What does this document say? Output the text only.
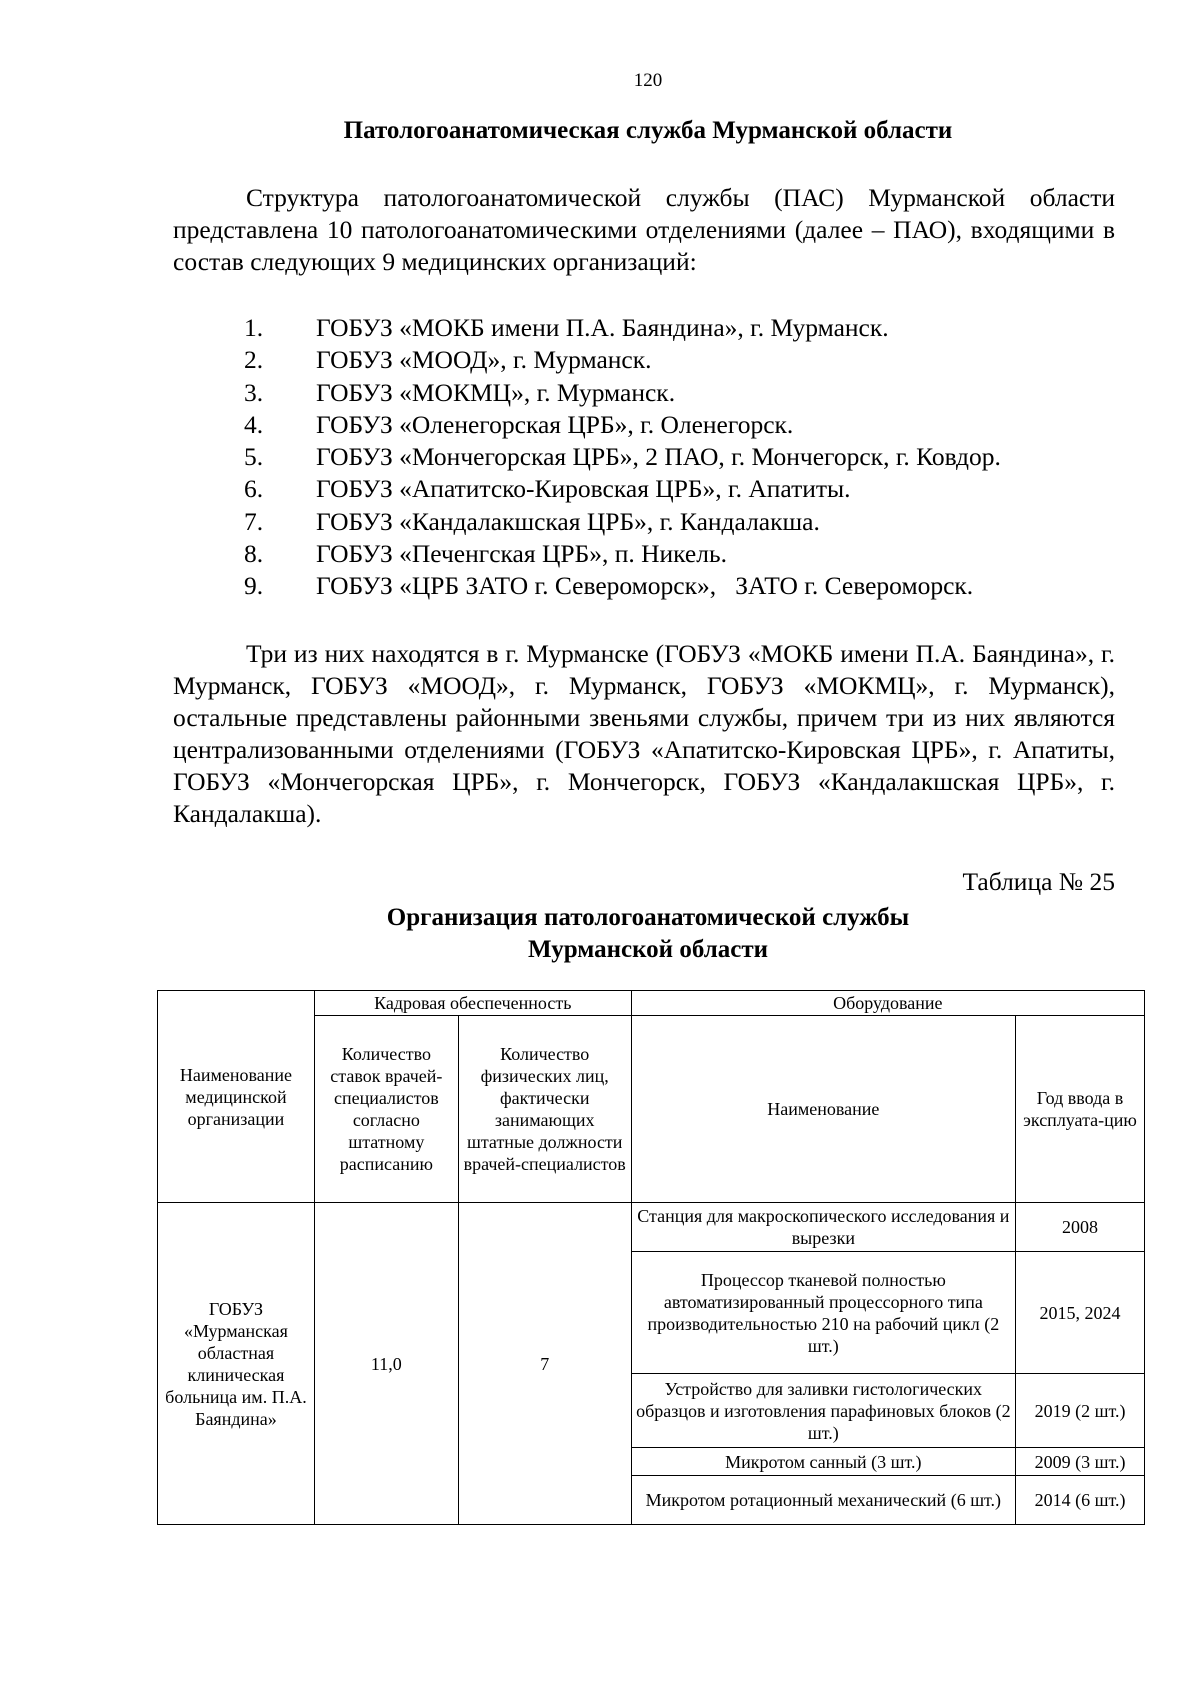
120
Патологоанатомическая служба Мурманской области
Структура патологоанатомической службы (ПАС) Мурманской области представлена 10 патологоанатомическими отделениями (далее – ПАО), входящими в состав следующих 9 медицинских организаций:
1. ГОБУЗ «МОКБ имени П.А. Баяндина», г. Мурманск.
2. ГОБУЗ «МООД», г. Мурманск.
3. ГОБУЗ «МОКМЦ», г. Мурманск.
4. ГОБУЗ «Оленегорская ЦРБ», г. Оленегорск.
5. ГОБУЗ «Мончегорская ЦРБ», 2 ПАО, г. Мончегорск, г. Ковдор.
6. ГОБУЗ «Апатитско-Кировская ЦРБ», г. Апатиты.
7. ГОБУЗ «Кандалакшская ЦРБ», г. Кандалакша.
8. ГОБУЗ «Печенгская ЦРБ», п. Никель.
9. ГОБУЗ «ЦРБ ЗАТО г. Североморск»,   ЗАТО г. Североморск.
Три из них находятся в г. Мурманске (ГОБУЗ «МОКБ имени П.А. Баяндина», г. Мурманск, ГОБУЗ «МООД», г. Мурманск, ГОБУЗ «МОКМЦ», г. Мурманск), остальные представлены районными звеньями службы, причем три из них являются централизованными отделениями (ГОБУЗ «Апатитско-Кировская ЦРБ», г. Апатиты, ГОБУЗ «Мончегорская ЦРБ», г. Мончегорск, ГОБУЗ «Кандалакшская ЦРБ», г. Кандалакша).
Таблица № 25
Организация патологоанатомической службы
Мурманской области
Наименование медицинской организации	Кадровая обеспеченность		Оборудование	
	Количество ставок врачей-специалистов согласно штатному расписанию	Количество физических лиц, фактически занимающих штатные должности врачей-специалистов	Наименование	Год ввода в эксплуата-цию
ГОБУЗ «Мурманская областная клиническая больница им. П.А. Баяндина»	11,0	7	Станция для макроскопического исследования и вырезки	2008
			Процессор тканевой полностью автоматизированный процессорного типа производительностью 210 на рабочий цикл (2 шт.)	2015, 2024
			Устройство для заливки гистологических образцов и изготовления парафиновых блоков (2 шт.)	2019 (2 шт.)
			Микротом санный (3 шт.)	2009 (3 шт.)
			Микротом ротационный механический (6 шт.)	2014 (6 шт.)
